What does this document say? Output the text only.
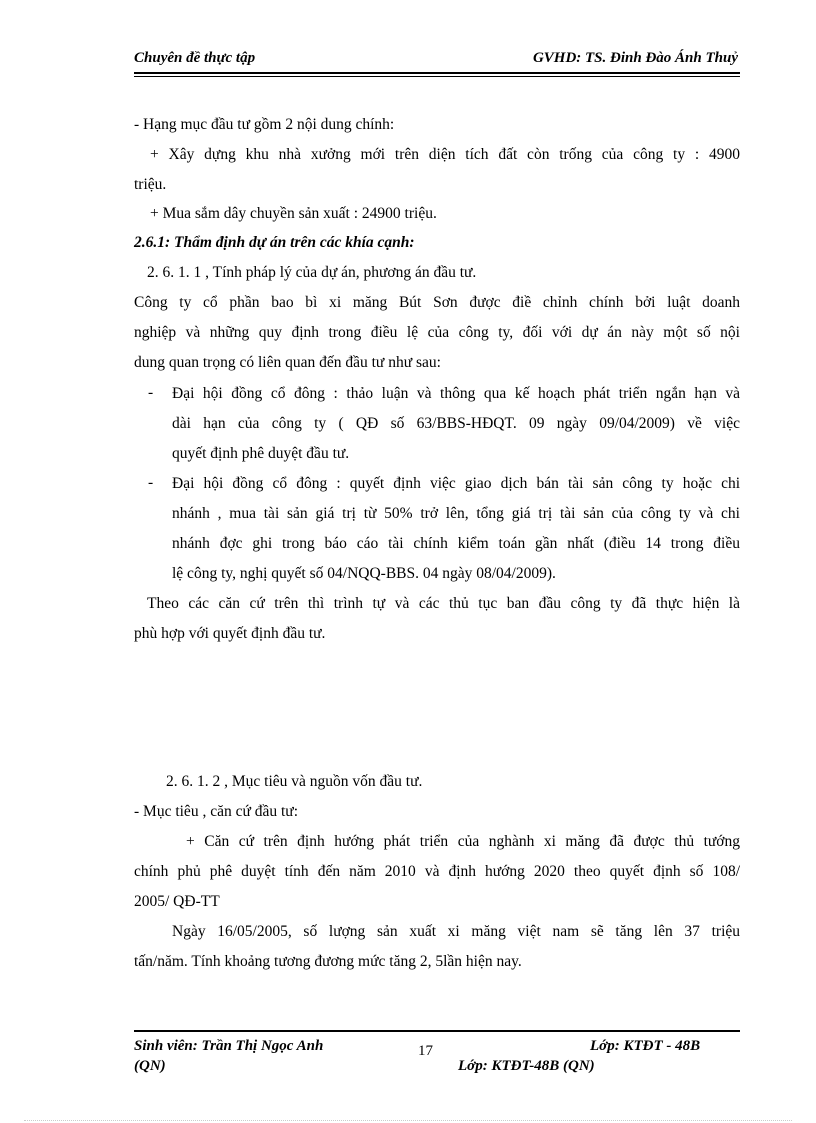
Chuyên đề thực tập	GVHD: TS. Đinh Đào Ánh Thuỷ
- Hạng mục đầu tư gồm 2 nội dung chính:
+ Xây dựng khu nhà xưởng mới trên diện tích đất còn trống của công ty : 4900
triệu.
+ Mua sắm dây chuyền sản xuất : 24900 triệu.
2.6.1: Thẩm định dự án trên các khía cạnh:
2. 6. 1. 1 , Tính pháp lý của dự án, phương án đầu tư.
Công ty cổ phần bao bì xi măng Bút Sơn được điề chỉnh chính bởi luật doanh
nghiệp và những quy định trong điều lệ của công ty, đối với dự án này một số nội
dung quan trọng có liên quan đến đầu tư như sau:
- Đại hội đồng cổ đông : thảo luận và thông qua kế hoạch phát triển ngắn hạn và
dài hạn của công ty ( QĐ số 63/BBS-HĐQT. 09 ngày 09/04/2009) về việc
quyết định phê duyệt đầu tư.
- Đại hội đồng cổ đông : quyết định việc giao dịch bán tài sản công ty hoặc chi
nhánh , mua tài sản giá trị từ 50% trở lên, tổng giá trị tài sản của công ty và chi
nhánh đợc ghi trong báo cáo tài chính kiểm toán gần nhất (điều 14 trong điều
lệ công ty, nghị quyết số 04/NQQ-BBS. 04 ngày 08/04/2009).
Theo các căn cứ trên thì trình tự và các thủ tục ban đầu công ty đã thực hiện là
phù hợp với quyết định đầu tư.
2. 6. 1. 2 , Mục tiêu và nguồn vốn đầu tư.
- Mục tiêu , căn cứ đầu tư:
+ Căn cứ trên định hướng phát triển của nghành xi măng đã được thủ tướng
chính phủ phê duyệt tính đến năm 2010 và định hướng 2020 theo quyết định số 108/
2005/ QĐ-TT
Ngày 16/05/2005, số lượng sản xuất xi măng việt nam sẽ tăng lên 37 triệu
tấn/năm. Tính khoảng tương đương mức tăng 2, 5lần hiện nay.
Sinh viên: Trần Thị Ngọc Anh
(QN)
17	Lớp: KTĐT - 48B
Lớp: KTĐT-48B (QN)
